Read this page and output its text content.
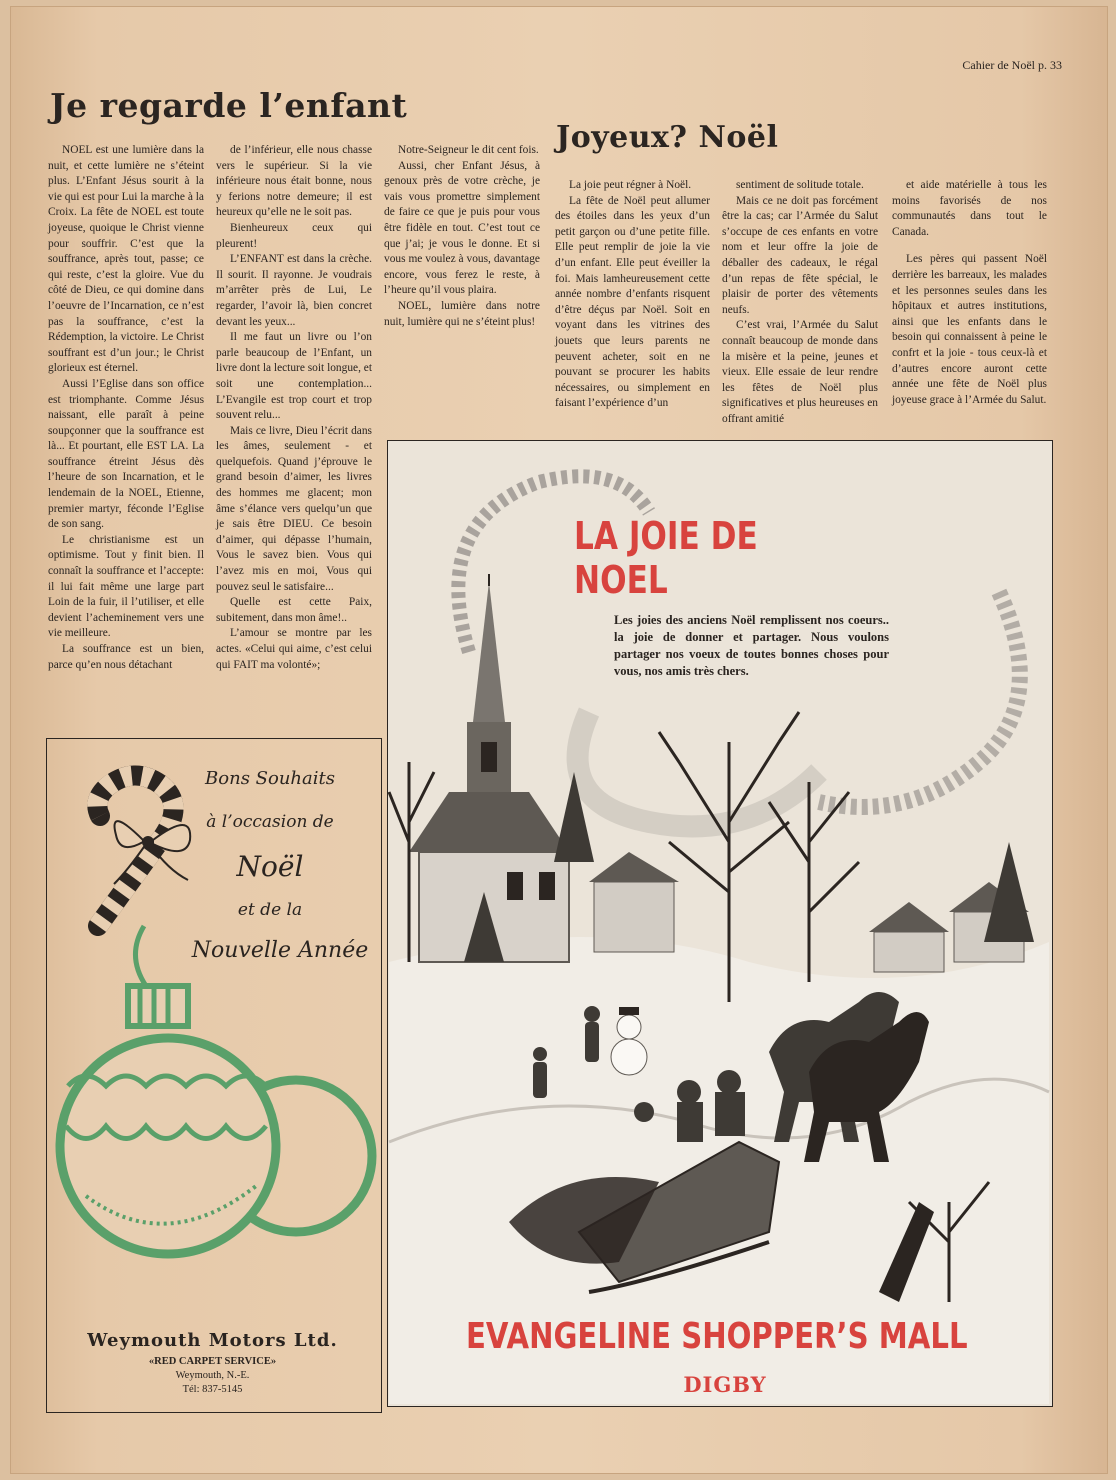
Cahier de Noël p. 33
Je regarde l’enfant

NOEL est une lumière dans la nuit, et cette lumière ne s’éteint plus. L’Enfant Jésus sourit à la vie qui est pour Lui la marche à la Croix. La fête de NOEL est toute joyeuse, quoique le Christ vienne pour souffrir. C’est que la souffrance, après tout, passe; ce qui reste, c’est la gloire. Vue du côté de Dieu, ce qui domine dans l’oeuvre de l’Incarnation, ce n’est pas la souffrance, c’est la Rédemption, la victoire. Le Christ souffrant est d’un jour.; le Christ glorieux est éternel.

Aussi l’Eglise dans son office est triomphante. Comme Jésus naissant, elle paraît à peine soupçonner que la souffrance est là... Et pourtant, elle EST LA. La souffrance étreint Jésus dès l’heure de son Incarnation, et le lendemain de la NOEL, Etienne, premier martyr, féconde l’Eglise de son sang.

Le christianisme est un optimisme. Tout y finit bien. Il connaît la souffrance et l’accepte: il lui fait même une large part Loin de la fuir, il l’utiliser, et elle devient l’acheminement vers une vie meilleure.

La souffrance est un bien, parce qu’en nous détachant

de l’inférieur, elle nous chasse vers le supérieur. Si la vie inférieure nous était bonne, nous y ferions notre demeure; il est heureux qu’elle ne le soit pas.

Bienheureux ceux qui pleurent!

L’ENFANT est dans la crèche. Il sourit. Il rayonne. Je voudrais m’arrêter près de Lui, Le regarder, l’avoir là, bien concret devant les yeux...

Il me faut un livre ou l’on parle beaucoup de l’Enfant, un livre dont la lecture soit longue, et soit une contemplation... L’Evangile est trop court et trop souvent relu...

Mais ce livre, Dieu l’écrit dans les âmes, seulement - et quelquefois. Quand j’éprouve le grand besoin d’aimer, les livres des hommes me glacent; mon âme s’élance vers quelqu’un que je sais être DIEU. Ce besoin d’aimer, qui dépasse l’humain, Vous le savez bien. Vous qui l’avez mis en moi, Vous qui pouvez seul le satisfaire...

Quelle est cette Paix, subitement, dans mon âme!..

L’amour se montre par les actes. «Celui qui aime, c’est celui qui FAIT ma volonté»;

Notre-Seigneur le dit cent fois.

Aussi, cher Enfant Jésus, à genoux près de votre crèche, je vais vous promettre simplement de faire ce que je puis pour vous être fidèle en tout. C’est tout ce que j’ai; je vous le donne. Et si vous me voulez à vous, davantage encore, vous ferez le reste, à l’heure qu’il vous plaira.

NOEL, lumière dans notre nuit, lumière qui ne s’éteint plus!

Joyeux? Noël

La joie peut régner à Noël.

La fête de Noël peut allumer des étoiles dans les yeux d’un petit garçon ou d’une petite fille. Elle peut remplir de joie la vie d’un enfant. Elle peut éveiller la foi. Mais lamheureusement cette année nombre d’enfants risquent d’être déçus par Noël. Soit en voyant dans les vitrines des jouets que leurs parents ne peuvent acheter, soit en ne pouvant se procurer les habits nécessaires, ou simplement en faisant l’expérience d’un

sentiment de solitude totale.

Mais ce ne doit pas forcément être la cas; car l’Armée du Salut s’occupe de ces enfants en votre nom et leur offre la joie de déballer des cadeaux, le régal d’un repas de fête spécial, le plaisir de porter des vêtements neufs.

C’est vrai, l’Armée du Salut connaît beaucoup de monde dans la misère et la peine, jeunes et vieux. Elle essaie de leur rendre les fêtes de Noël plus significatives et plus heureuses en offrant amitié

et aide matérielle à tous les moins favorisés de nos communautés dans tout le Canada.

Les pères qui passent Noël derrière les barreaux, les malades et les personnes seules dans les hôpitaux et autres institutions, ainsi que les enfants dans le besoin qui connaissent à peine le confrt et la joie - tous ceux-là et d’autres encore auront cette année une fête de Noël plus joyeuse grace à l’Armée du Salut.

Bons Souhaits
à l’occasion de
Noël
et de la
Nouvelle Année
Weymouth Motors Ltd.
«RED CARPET SERVICE»
Weymouth, N.-E.
Tél: 837-5145
LA JOIE DE NOEL
Les joies des anciens Noël remplissent nos coeurs.. la joie de donner et partager. Nous voulons partager nos voeux de toutes bonnes choses pour vous, nos amis très chers.
EVANGELINE SHOPPER’S MALL
DIGBY
